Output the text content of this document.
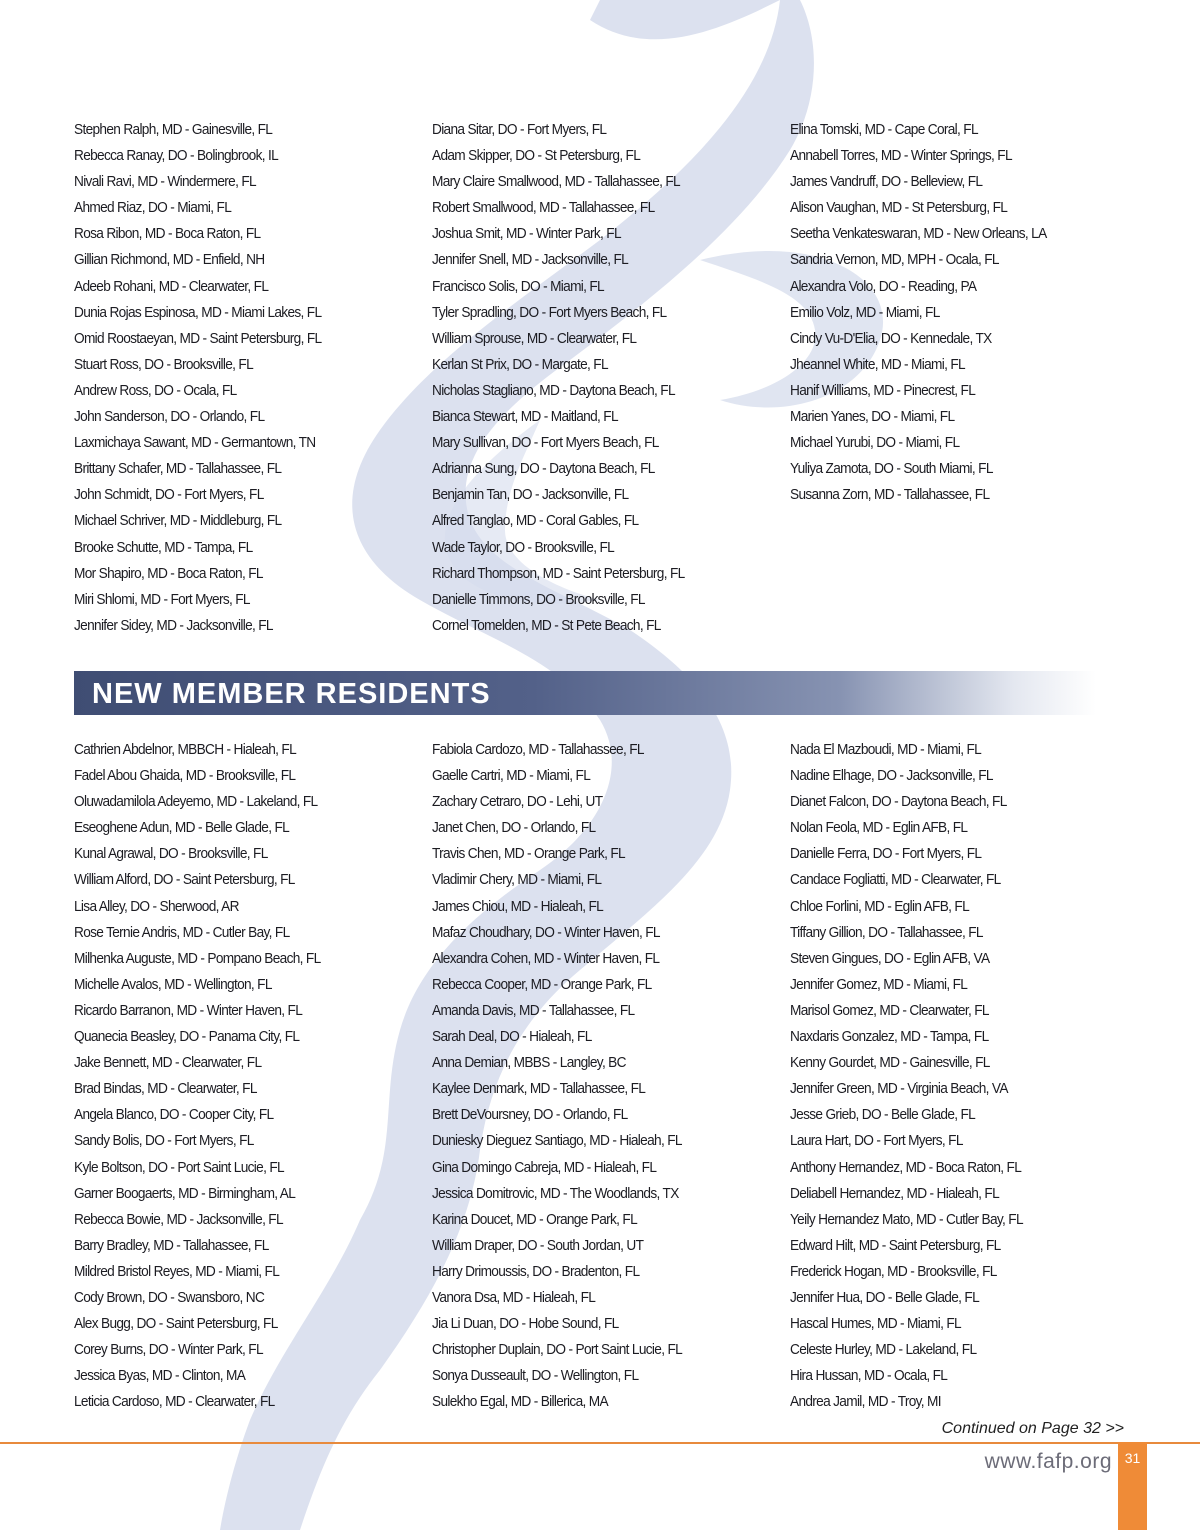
Stephen Ralph, MD - Gainesville, FL
Rebecca Ranay, DO - Bolingbrook, IL
Nivali Ravi, MD - Windermere, FL
Ahmed Riaz, DO - Miami, FL
Rosa Ribon, MD - Boca Raton, FL
Gillian Richmond, MD - Enfield, NH
Adeeb Rohani, MD - Clearwater, FL
Dunia Rojas Espinosa, MD - Miami Lakes, FL
Omid Roostaeyan, MD - Saint Petersburg, FL
Stuart Ross, DO - Brooksville, FL
Andrew Ross, DO - Ocala, FL
John Sanderson, DO - Orlando, FL
Laxmichaya Sawant, MD - Germantown, TN
Brittany Schafer, MD - Tallahassee, FL
John Schmidt, DO - Fort Myers, FL
Michael Schriver, MD - Middleburg, FL
Brooke Schutte, MD - Tampa, FL
Mor Shapiro, MD - Boca Raton, FL
Miri Shlomi, MD - Fort Myers, FL
Jennifer Sidey, MD - Jacksonville, FL
Diana Sitar, DO - Fort Myers, FL
Adam Skipper, DO - St Petersburg, FL
Mary Claire Smallwood, MD - Tallahassee, FL
Robert Smallwood, MD - Tallahassee, FL
Joshua Smit, MD - Winter Park, FL
Jennifer Snell, MD - Jacksonville, FL
Francisco Solis, DO - Miami, FL
Tyler Spradling, DO - Fort Myers Beach, FL
William Sprouse, MD - Clearwater, FL
Kerlan St Prix, DO - Margate, FL
Nicholas Stagliano, MD - Daytona Beach, FL
Bianca Stewart, MD - Maitland, FL
Mary Sullivan, DO - Fort Myers Beach, FL
Adrianna Sung, DO - Daytona Beach, FL
Benjamin Tan, DO - Jacksonville, FL
Alfred Tanglao, MD - Coral Gables, FL
Wade Taylor, DO - Brooksville, FL
Richard Thompson, MD - Saint Petersburg, FL
Danielle Timmons, DO - Brooksville, FL
Cornel Tomelden, MD - St Pete Beach, FL
Elina Tomski, MD - Cape Coral, FL
Annabell Torres, MD - Winter Springs, FL
James Vandruff, DO - Belleview, FL
Alison Vaughan, MD - St Petersburg, FL
Seetha Venkateswaran, MD - New Orleans, LA
Sandria Vernon, MD, MPH - Ocala, FL
Alexandra Volo, DO - Reading, PA
Emilio Volz, MD - Miami, FL
Cindy Vu-D'Elia, DO - Kennedale, TX
Jheannel White, MD - Miami, FL
Hanif Williams, MD - Pinecrest, FL
Marien Yanes, DO - Miami, FL
Michael Yurubi, DO - Miami, FL
Yuliya Zamota, DO - South Miami, FL
Susanna Zorn, MD - Tallahassee, FL
NEW MEMBER RESIDENTS
Cathrien Abdelnor, MBBCH - Hialeah, FL
Fadel Abou Ghaida, MD - Brooksville, FL
Oluwadamilola Adeyemo, MD - Lakeland, FL
Eseoghene Adun, MD - Belle Glade, FL
Kunal Agrawal, DO - Brooksville, FL
William Alford, DO - Saint Petersburg, FL
Lisa Alley, DO - Sherwood, AR
Rose Ternie Andris, MD - Cutler Bay, FL
Milhenka Auguste, MD - Pompano Beach, FL
Michelle Avalos, MD - Wellington, FL
Ricardo Barranon, MD - Winter Haven, FL
Quanecia Beasley, DO - Panama City, FL
Jake Bennett, MD - Clearwater, FL
Brad Bindas, MD - Clearwater, FL
Angela Blanco, DO - Cooper City, FL
Sandy Bolis, DO - Fort Myers, FL
Kyle Boltson, DO - Port Saint Lucie, FL
Garner Boogaerts, MD - Birmingham, AL
Rebecca Bowie, MD - Jacksonville, FL
Barry Bradley, MD - Tallahassee, FL
Mildred Bristol Reyes, MD - Miami, FL
Cody Brown, DO - Swansboro, NC
Alex Bugg, DO - Saint Petersburg, FL
Corey Burns, DO - Winter Park, FL
Jessica Byas, MD - Clinton, MA
Leticia Cardoso, MD - Clearwater, FL
Fabiola Cardozo, MD - Tallahassee, FL
Gaelle Cartri, MD - Miami, FL
Zachary Cetraro, DO - Lehi, UT
Janet Chen, DO - Orlando, FL
Travis Chen, MD - Orange Park, FL
Vladimir Chery, MD - Miami, FL
James Chiou, MD - Hialeah, FL
Mafaz Choudhary, DO - Winter Haven, FL
Alexandra Cohen, MD - Winter Haven, FL
Rebecca Cooper, MD - Orange Park, FL
Amanda Davis, MD - Tallahassee, FL
Sarah Deal, DO - Hialeah, FL
Anna Demian, MBBS - Langley, BC
Kaylee Denmark, MD - Tallahassee, FL
Brett DeVoursney, DO - Orlando, FL
Duniesky Dieguez Santiago, MD - Hialeah, FL
Gina Domingo Cabreja, MD - Hialeah, FL
Jessica Domitrovic, MD - The Woodlands, TX
Karina Doucet, MD - Orange Park, FL
William Draper, DO - South Jordan, UT
Harry Drimoussis, DO - Bradenton, FL
Vanora Dsa, MD - Hialeah, FL
Jia Li Duan, DO - Hobe Sound, FL
Christopher Duplain, DO - Port Saint Lucie, FL
Sonya Dusseault, DO - Wellington, FL
Sulekho Egal, MD - Billerica, MA
Nada El Mazboudi, MD - Miami, FL
Nadine Elhage, DO - Jacksonville, FL
Dianet Falcon, DO - Daytona Beach, FL
Nolan Feola, MD - Eglin AFB, FL
Danielle Ferra, DO - Fort Myers, FL
Candace Fogliatti, MD - Clearwater, FL
Chloe Forlini, MD - Eglin AFB, FL
Tiffany Gillion, DO - Tallahassee, FL
Steven Gingues, DO - Eglin AFB, VA
Jennifer Gomez, MD - Miami, FL
Marisol Gomez, MD - Clearwater, FL
Naxdaris Gonzalez, MD - Tampa, FL
Kenny Gourdet, MD - Gainesville, FL
Jennifer Green, MD - Virginia Beach, VA
Jesse Grieb, DO - Belle Glade, FL
Laura Hart, DO - Fort Myers, FL
Anthony Hernandez, MD - Boca Raton, FL
Deliabell Hernandez, MD - Hialeah, FL
Yeily Hernandez Mato, MD - Cutler Bay, FL
Edward Hilt, MD - Saint Petersburg, FL
Frederick Hogan, MD - Brooksville, FL
Jennifer Hua, DO - Belle Glade, FL
Hascal Humes, MD - Miami, FL
Celeste Hurley, MD - Lakeland, FL
Hira Hussan, MD - Ocala, FL
Andrea Jamil, MD - Troy, MI
Continued on Page 32 >>
www.fafp.org 31
